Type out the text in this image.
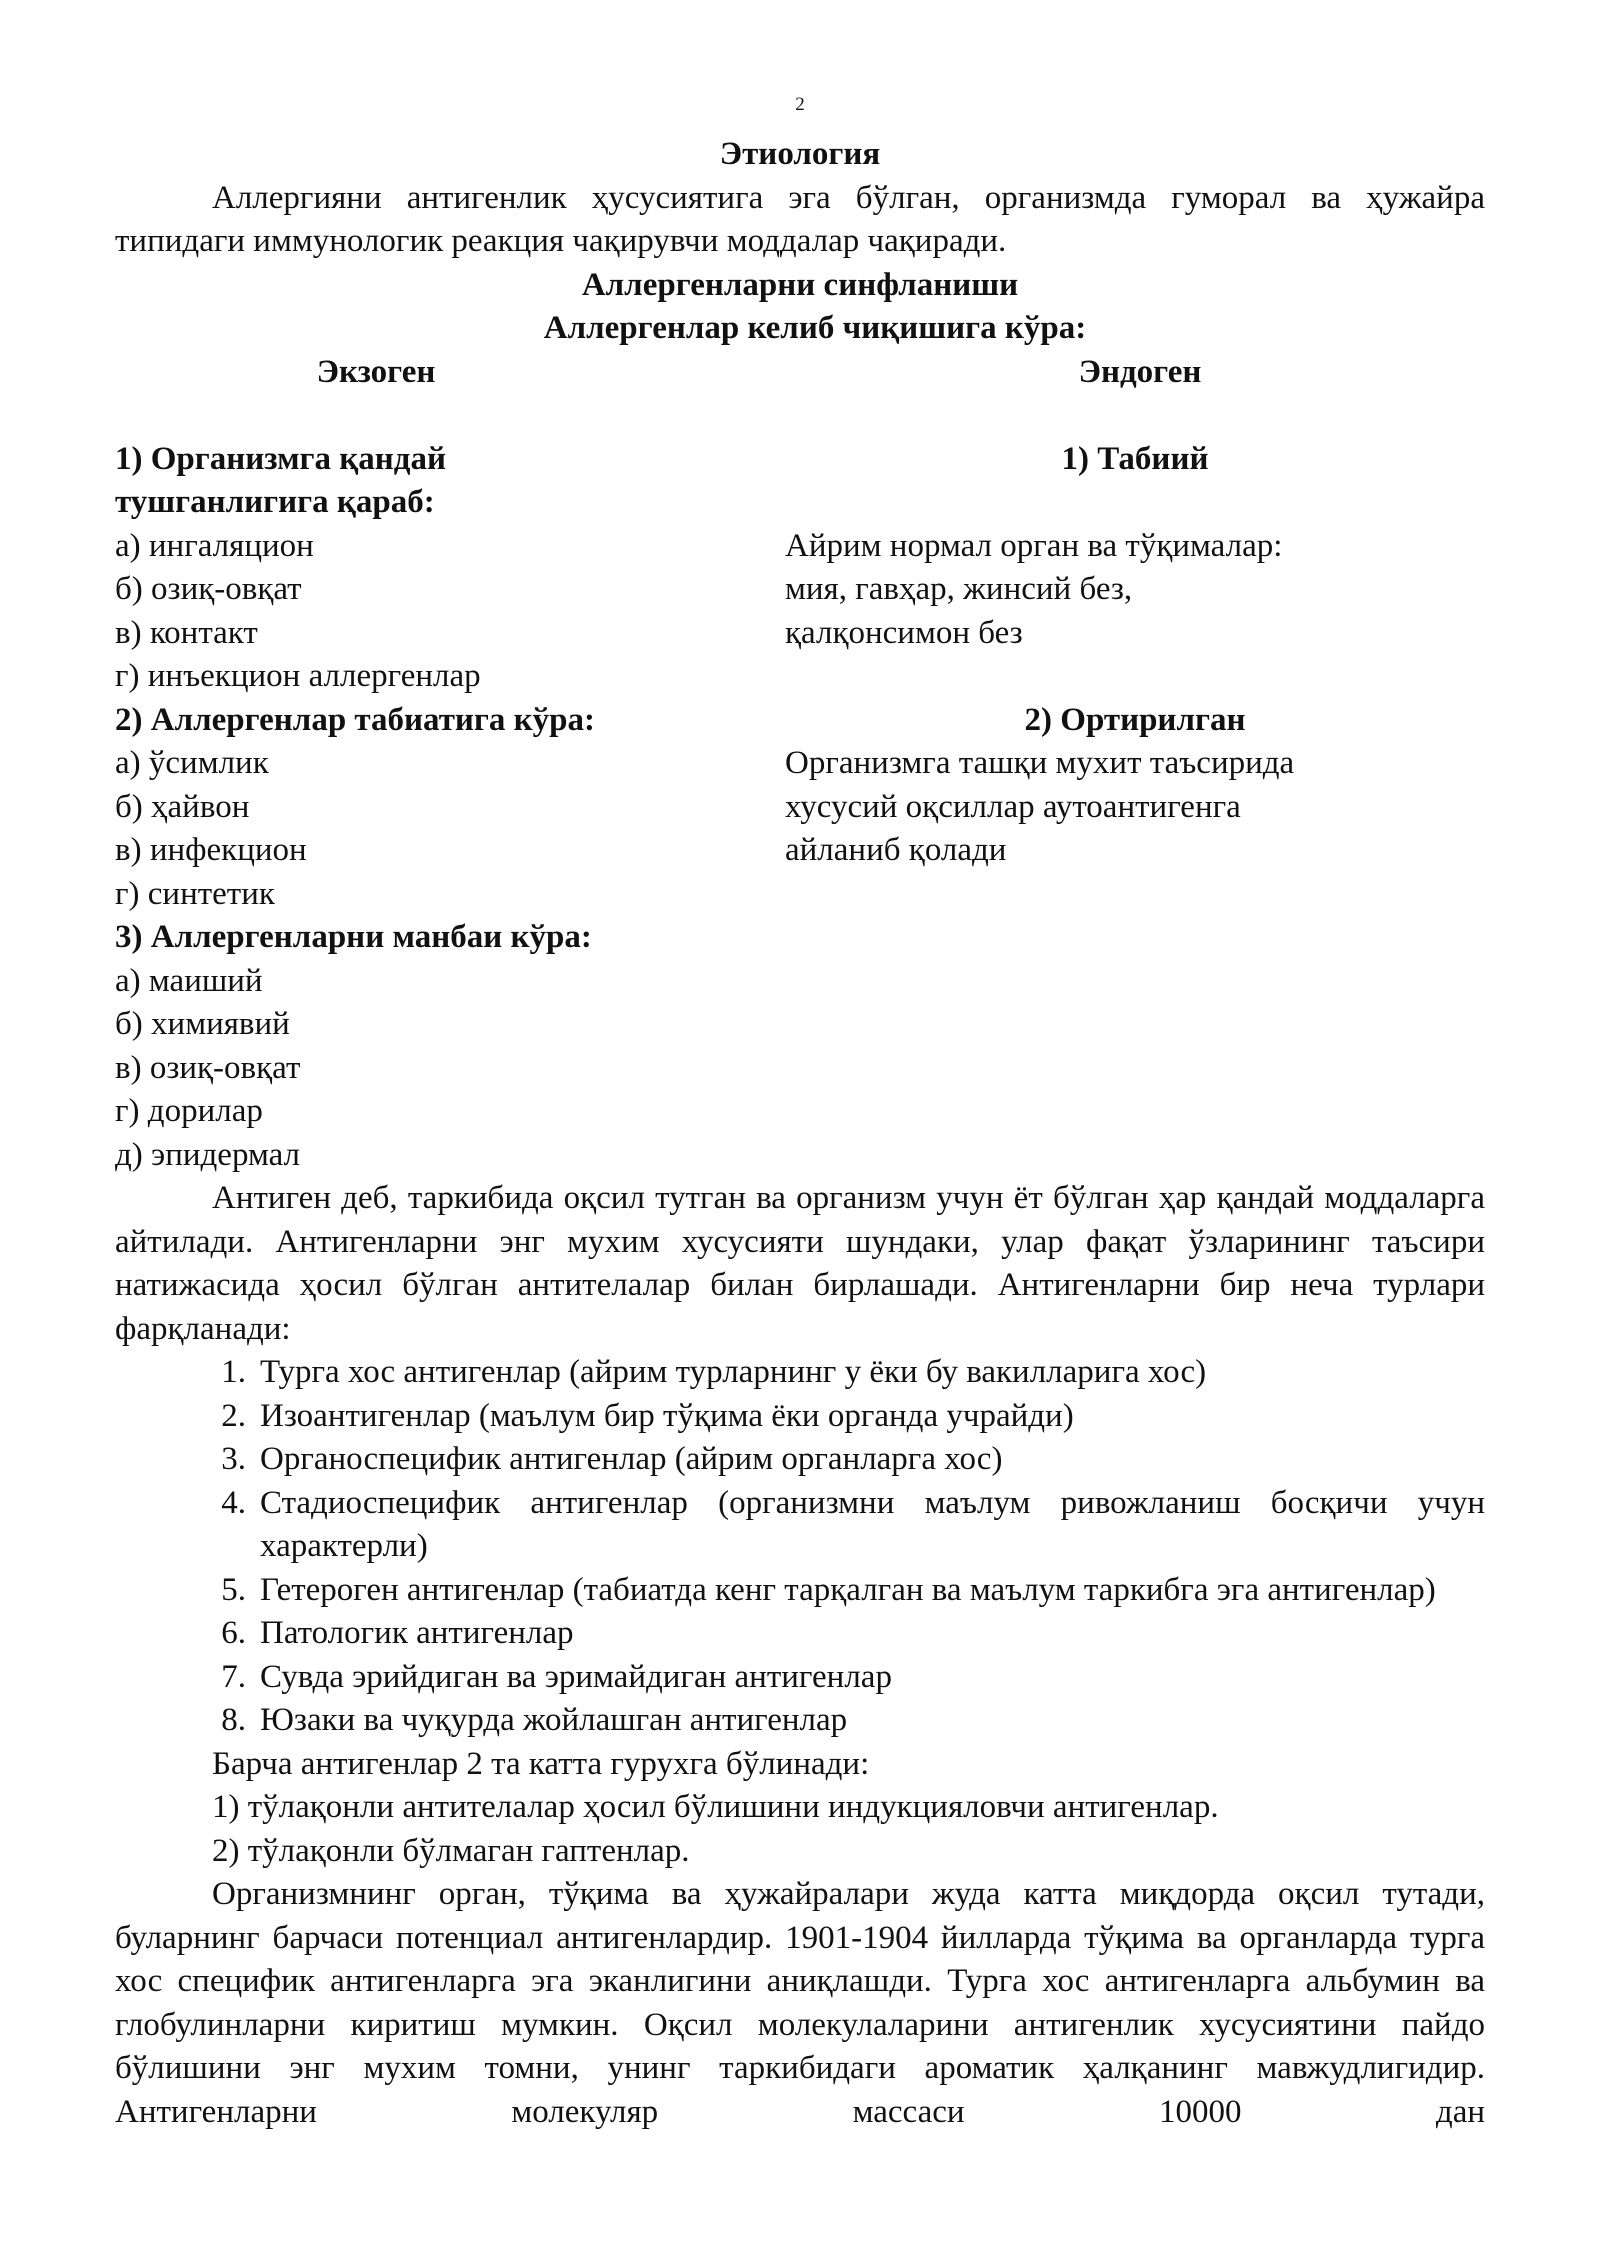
2

Этиология

Аллергияни антигенлик ҳусусиятига эга бўлган, организмда гуморал ва ҳужайра типидаги иммунологик реакция чақирувчи моддалар чақиради.

Аллергенларни синфланиши

Аллергенлар келиб чиқишига кўра:

Экзоген	Эндоген

1) Организмга қандай

тушганлигига қараб:

а) ингаляцион

б) озиқ-овқат

в) контакт

г) инъекцион аллергенлар

2) Аллергенлар табиатига кўра:

а) ўсимлик

б) ҳайвон

в) инфекцион

г) синтетик

3) Аллергенларни манбаи кўра:

а) маиший

б) химиявий

в) озиқ-овқат

г) дорилар

д) эпидермал

1) Табиий

Айрим нормал орган ва тўқималар:

мия, гавҳар, жинсий без,

қалқонсимон без

2) Ортирилган

Организмга ташқи мухит таъсирида

хусусий оқсиллар аутоантигенга

айланиб қолади

Антиген деб, таркибида оқсил тутган ва организм учун ёт бўлган ҳар қандай моддаларга айтилади. Антигенларни энг мухим хусусияти шундаки, улар фақат ўзларининг таъсири натижасида ҳосил бўлган антителалар билан бирлашади. Антигенларни бир неча турлари фарқланади:

1. Турга хос антигенлар (айрим турларнинг у ёки бу вакилларига хос)
2. Изоантигенлар (маълум бир тўқима ёки органда учрайди)
3. Органоспецифик антигенлар (айрим органларга хос)
4. Стадиоспецифик антигенлар (организмни маълум ривожланиш босқичи учун характерли)
5. Гетероген антигенлар (табиатда кенг тарқалган ва маълум таркибга эга антигенлар)
6. Патологик антигенлар
7. Сувда эрийдиган ва эримайдиган антигенлар
8. Юзаки ва чуқурда жойлашган антигенлар

Барча антигенлар 2 та катта гурухга бўлинади:

1) тўлақонли антителалар ҳосил бўлишини индукцияловчи антигенлар.

2) тўлақонли бўлмаган гаптенлар.

Организмнинг орган, тўқима ва ҳужайралари жуда катта миқдорда оқсил тутади, буларнинг барчаси потенциал антигенлардир. 1901-1904 йилларда тўқима ва органларда турга хос специфик антигенларга эга эканлигини аниқлашди. Турга хос антигенларга альбумин ва глобулинларни киритиш мумкин. Оқсил молекулаларини антигенлик хусусиятини пайдо бўлишини энг мухим томни, унинг таркибидаги ароматик ҳалқанинг мавжудлигидир. Антигенларни молекуляр массаси 10000 дан
